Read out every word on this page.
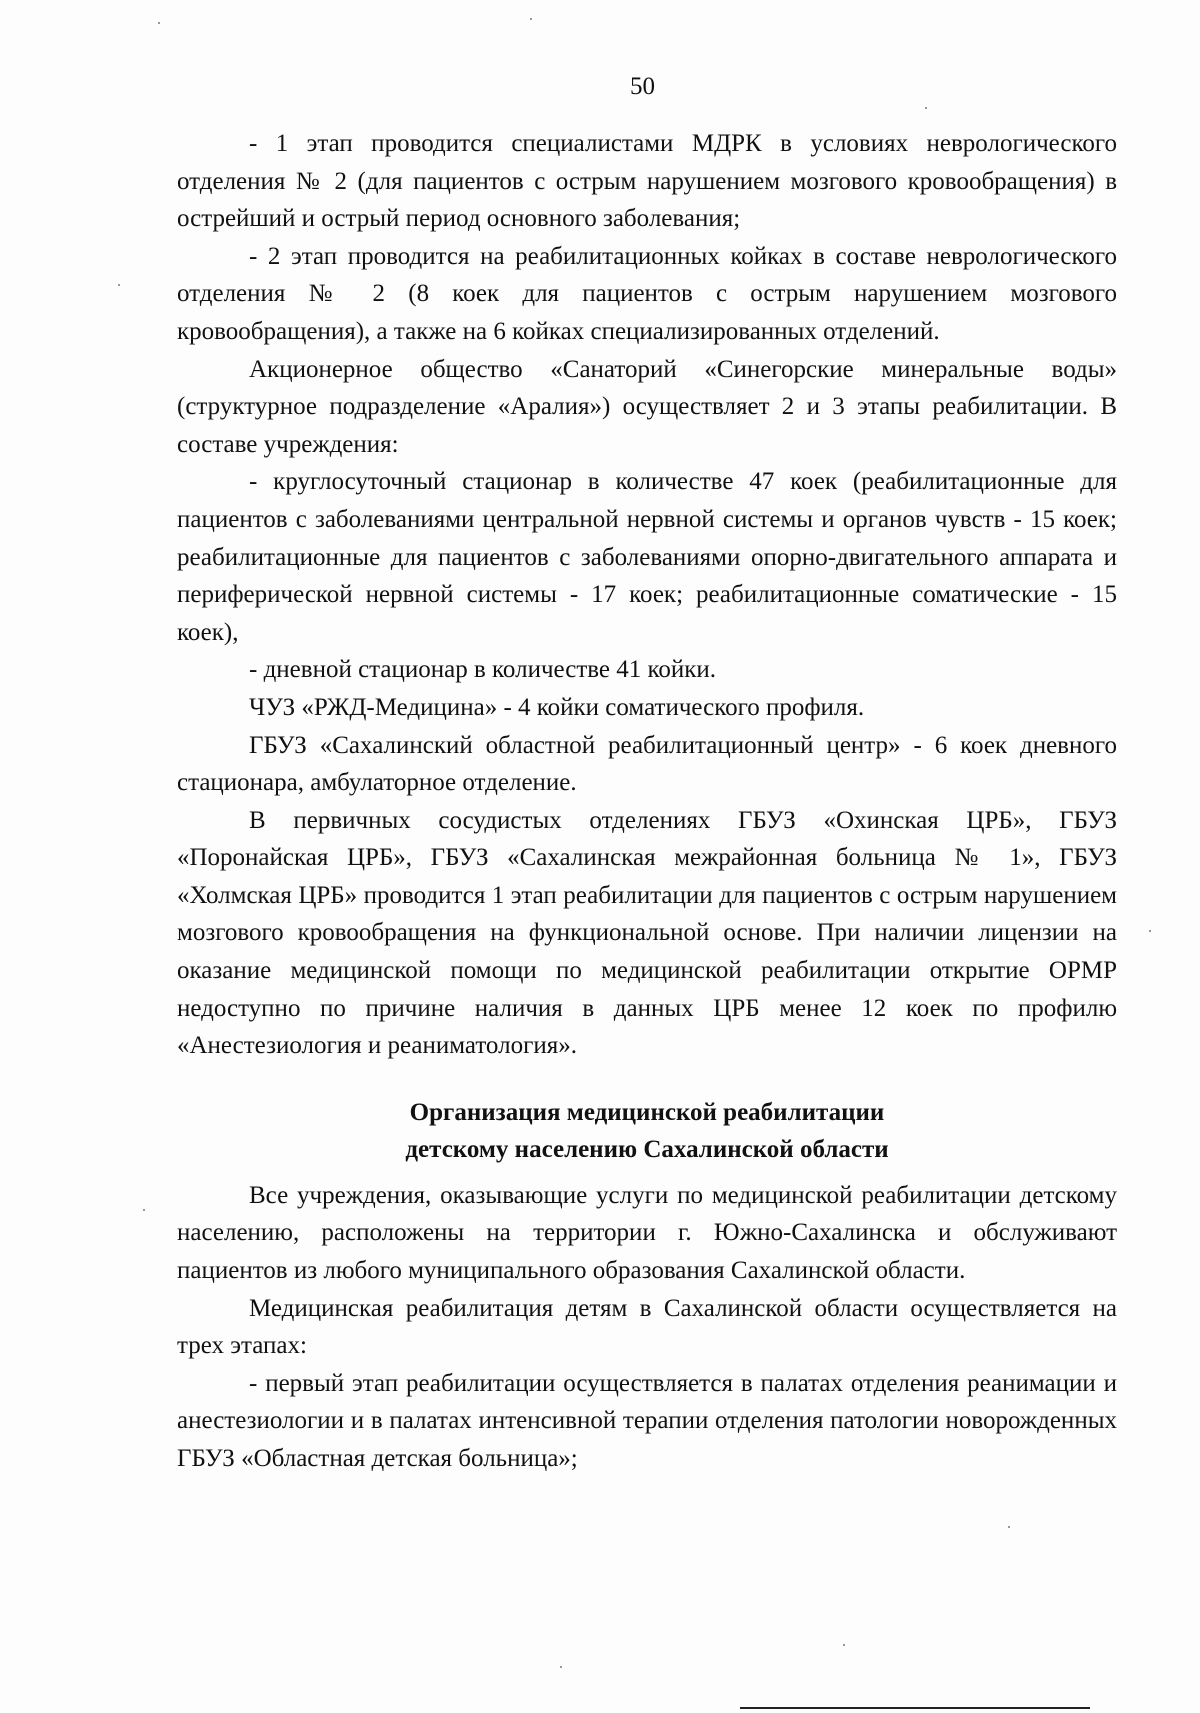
50

- 1 этап проводится специалистами МДРК в условиях неврологического отделения № 2 (для пациентов с острым нарушением мозгового кровообращения) в острейший и острый период основного заболевания;

- 2 этап проводится на реабилитационных койках в составе неврологического отделения № 2 (8 коек для пациентов с острым нарушением мозгового кровообращения), а также на 6 койках специализированных отделений.

Акционерное общество «Санаторий «Синегорские минеральные воды» (структурное подразделение «Аралия») осуществляет 2 и 3 этапы реабилитации. В составе учреждения:

- круглосуточный стационар в количестве 47 коек (реабилитационные для пациентов с заболеваниями центральной нервной системы и органов чувств - 15 коек; реабилитационные для пациентов с заболеваниями опорно-двигательного аппарата и периферической нервной системы - 17 коек; реабилитационные соматические - 15 коек),

- дневной стационар в количестве 41 койки.

ЧУЗ «РЖД-Медицина» - 4 койки соматического профиля.

ГБУЗ «Сахалинский областной реабилитационный центр» - 6 коек дневного стационара, амбулаторное отделение.

В первичных сосудистых отделениях ГБУЗ «Охинская ЦРБ», ГБУЗ «Поронайская ЦРБ», ГБУЗ «Сахалинская межрайонная больница № 1», ГБУЗ «Холмская ЦРБ» проводится 1 этап реабилитации для пациентов с острым нарушением мозгового кровообращения на функциональной основе. При наличии лицензии на оказание медицинской помощи по медицинской реабилитации открытие ОРМР недоступно по причине наличия в данных ЦРБ менее 12 коек по профилю «Анестезиология и реаниматология».

Организация медицинской реабилитации
детскому населению Сахалинской области

Все учреждения, оказывающие услуги по медицинской реабилитации детскому населению, расположены на территории г. Южно-Сахалинска и обслуживают пациентов из любого муниципального образования Сахалинской области.

Медицинская реабилитация детям в Сахалинской области осуществляется на трех этапах:

- первый этап реабилитации осуществляется в палатах отделения реанимации и анестезиологии и в палатах интенсивной терапии отделения патологии новорожденных ГБУЗ «Областная детская больница»;
